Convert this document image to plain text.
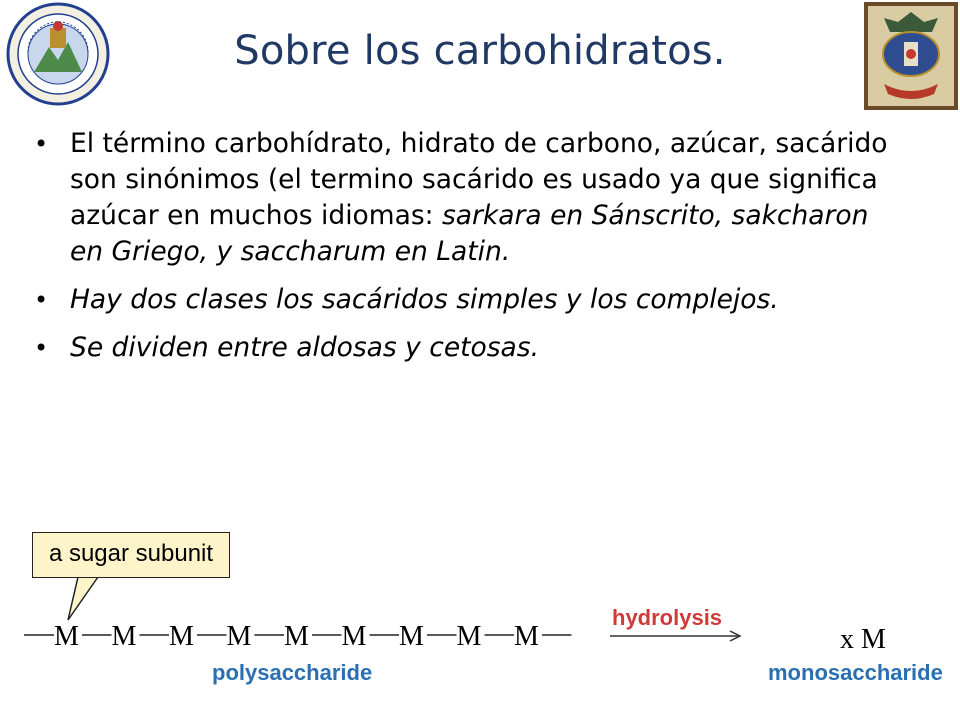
Sobre los carbohidratos.
• El término carbohídrato, hidrato de carbono, azúcar, sacárido son sinónimos (el termino sacárido es usado ya que significa azúcar en muchos idiomas: sarkara en Sánscrito, sakcharon en Griego, y saccharum en Latin.
• Hay dos clases los sacáridos simples y los complejos.
• Se dividen entre aldosas y cetosas.
a sugar subunit
M M M M M M M M M
hydrolysis
x M
polysaccharide	monosaccharide
